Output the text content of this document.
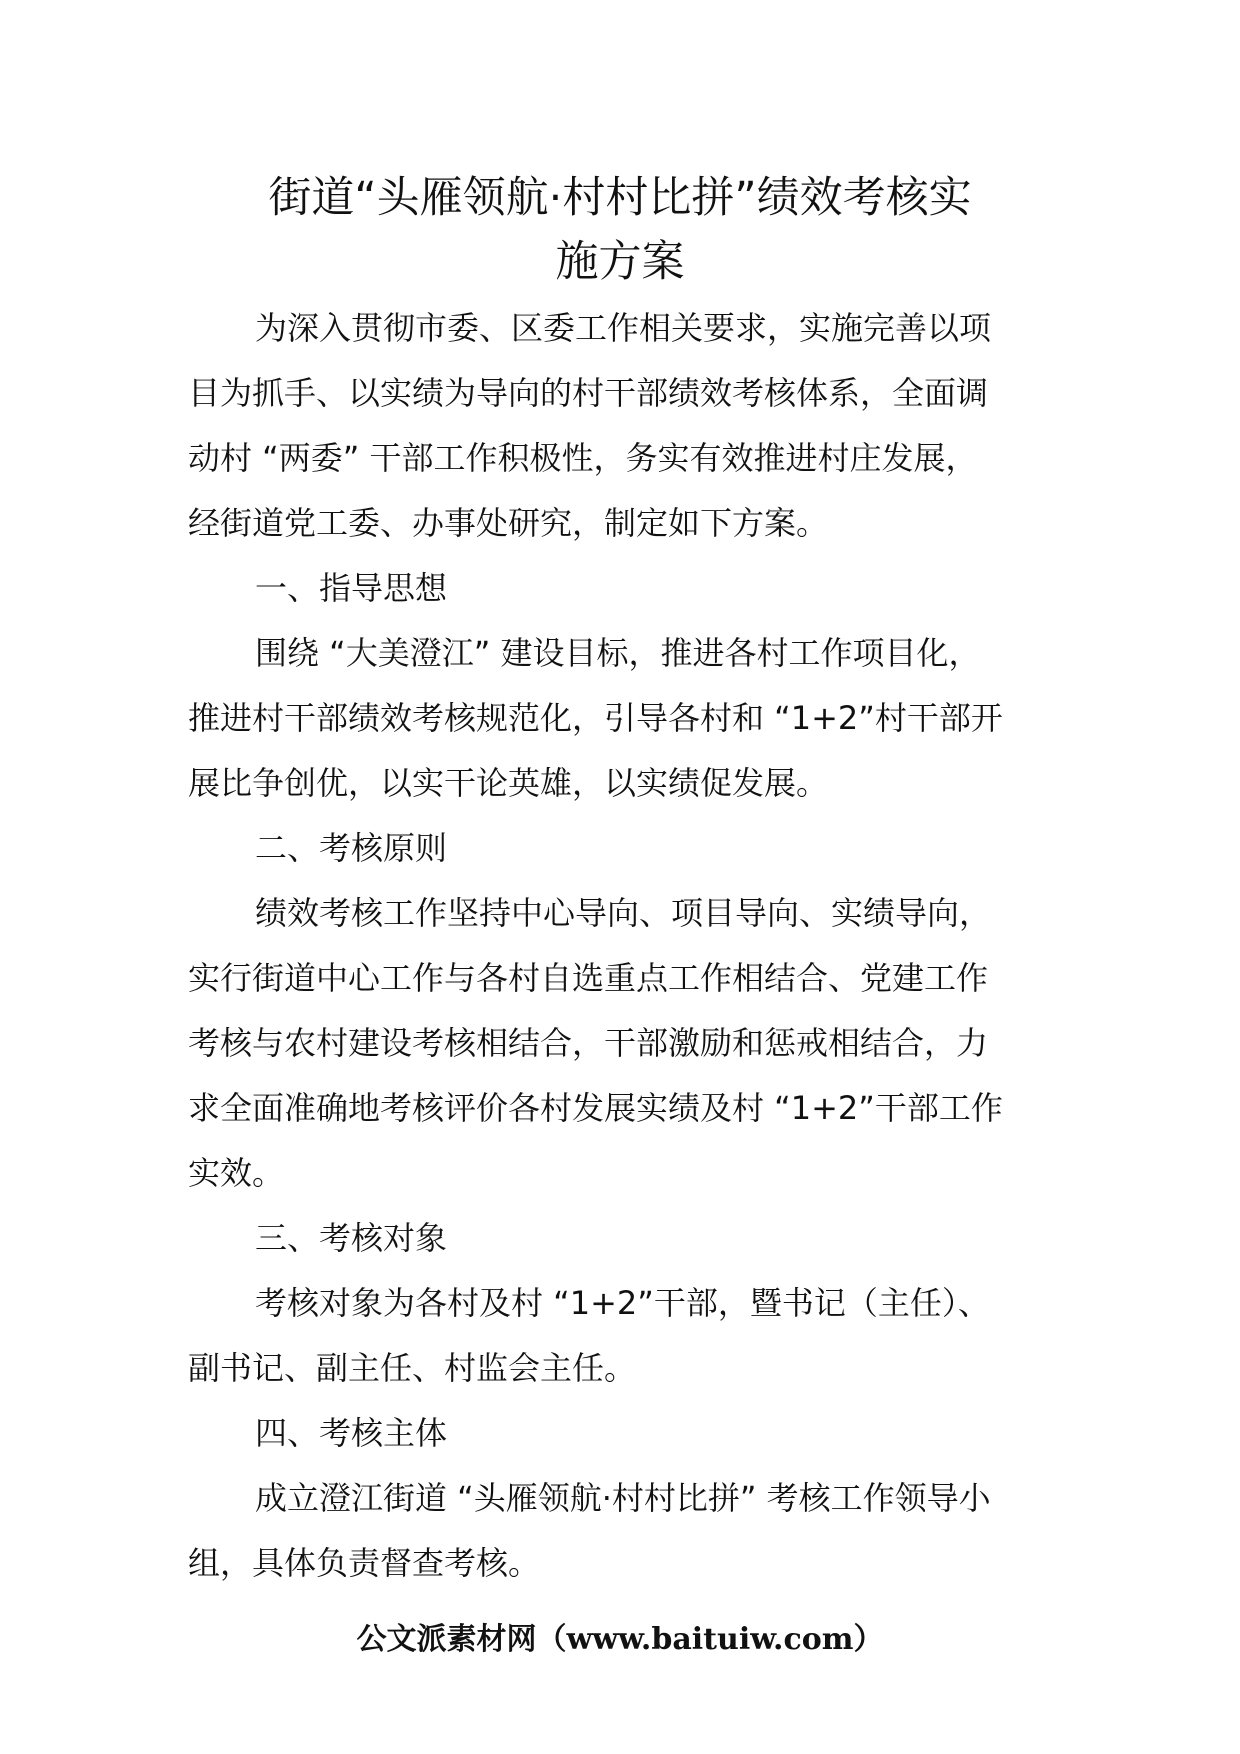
街道“头雁领航·村村比拼”绩效考核实
施方案
为深入贯彻市委、区委工作相关要求，实施完善以项
目为抓手、以实绩为导向的村干部绩效考核体系，全面调
动村 “两委” 干部工作积极性，务实有效推进村庄发展，
经街道党工委、办事处研究，制定如下方案。
一、指导思想
围绕 “大美澄江” 建设目标，推进各村工作项目化，
推进村干部绩效考核规范化，引导各村和 “1+2”村干部开
展比争创优，以实干论英雄，以实绩促发展。
二、考核原则
绩效考核工作坚持中心导向、项目导向、实绩导向，
实行街道中心工作与各村自选重点工作相结合、党建工作
考核与农村建设考核相结合，干部激励和惩戒相结合，力
求全面准确地考核评价各村发展实绩及村 “1+2”干部工作
实效。
三、考核对象
考核对象为各村及村 “1+2”干部，暨书记（主任）、
副书记、副主任、村监会主任。
四、考核主体
成立澄江街道 “头雁领航·村村比拼” 考核工作领导小
组，具体负责督查考核。
公文派素材网（www.baituiw.com）
